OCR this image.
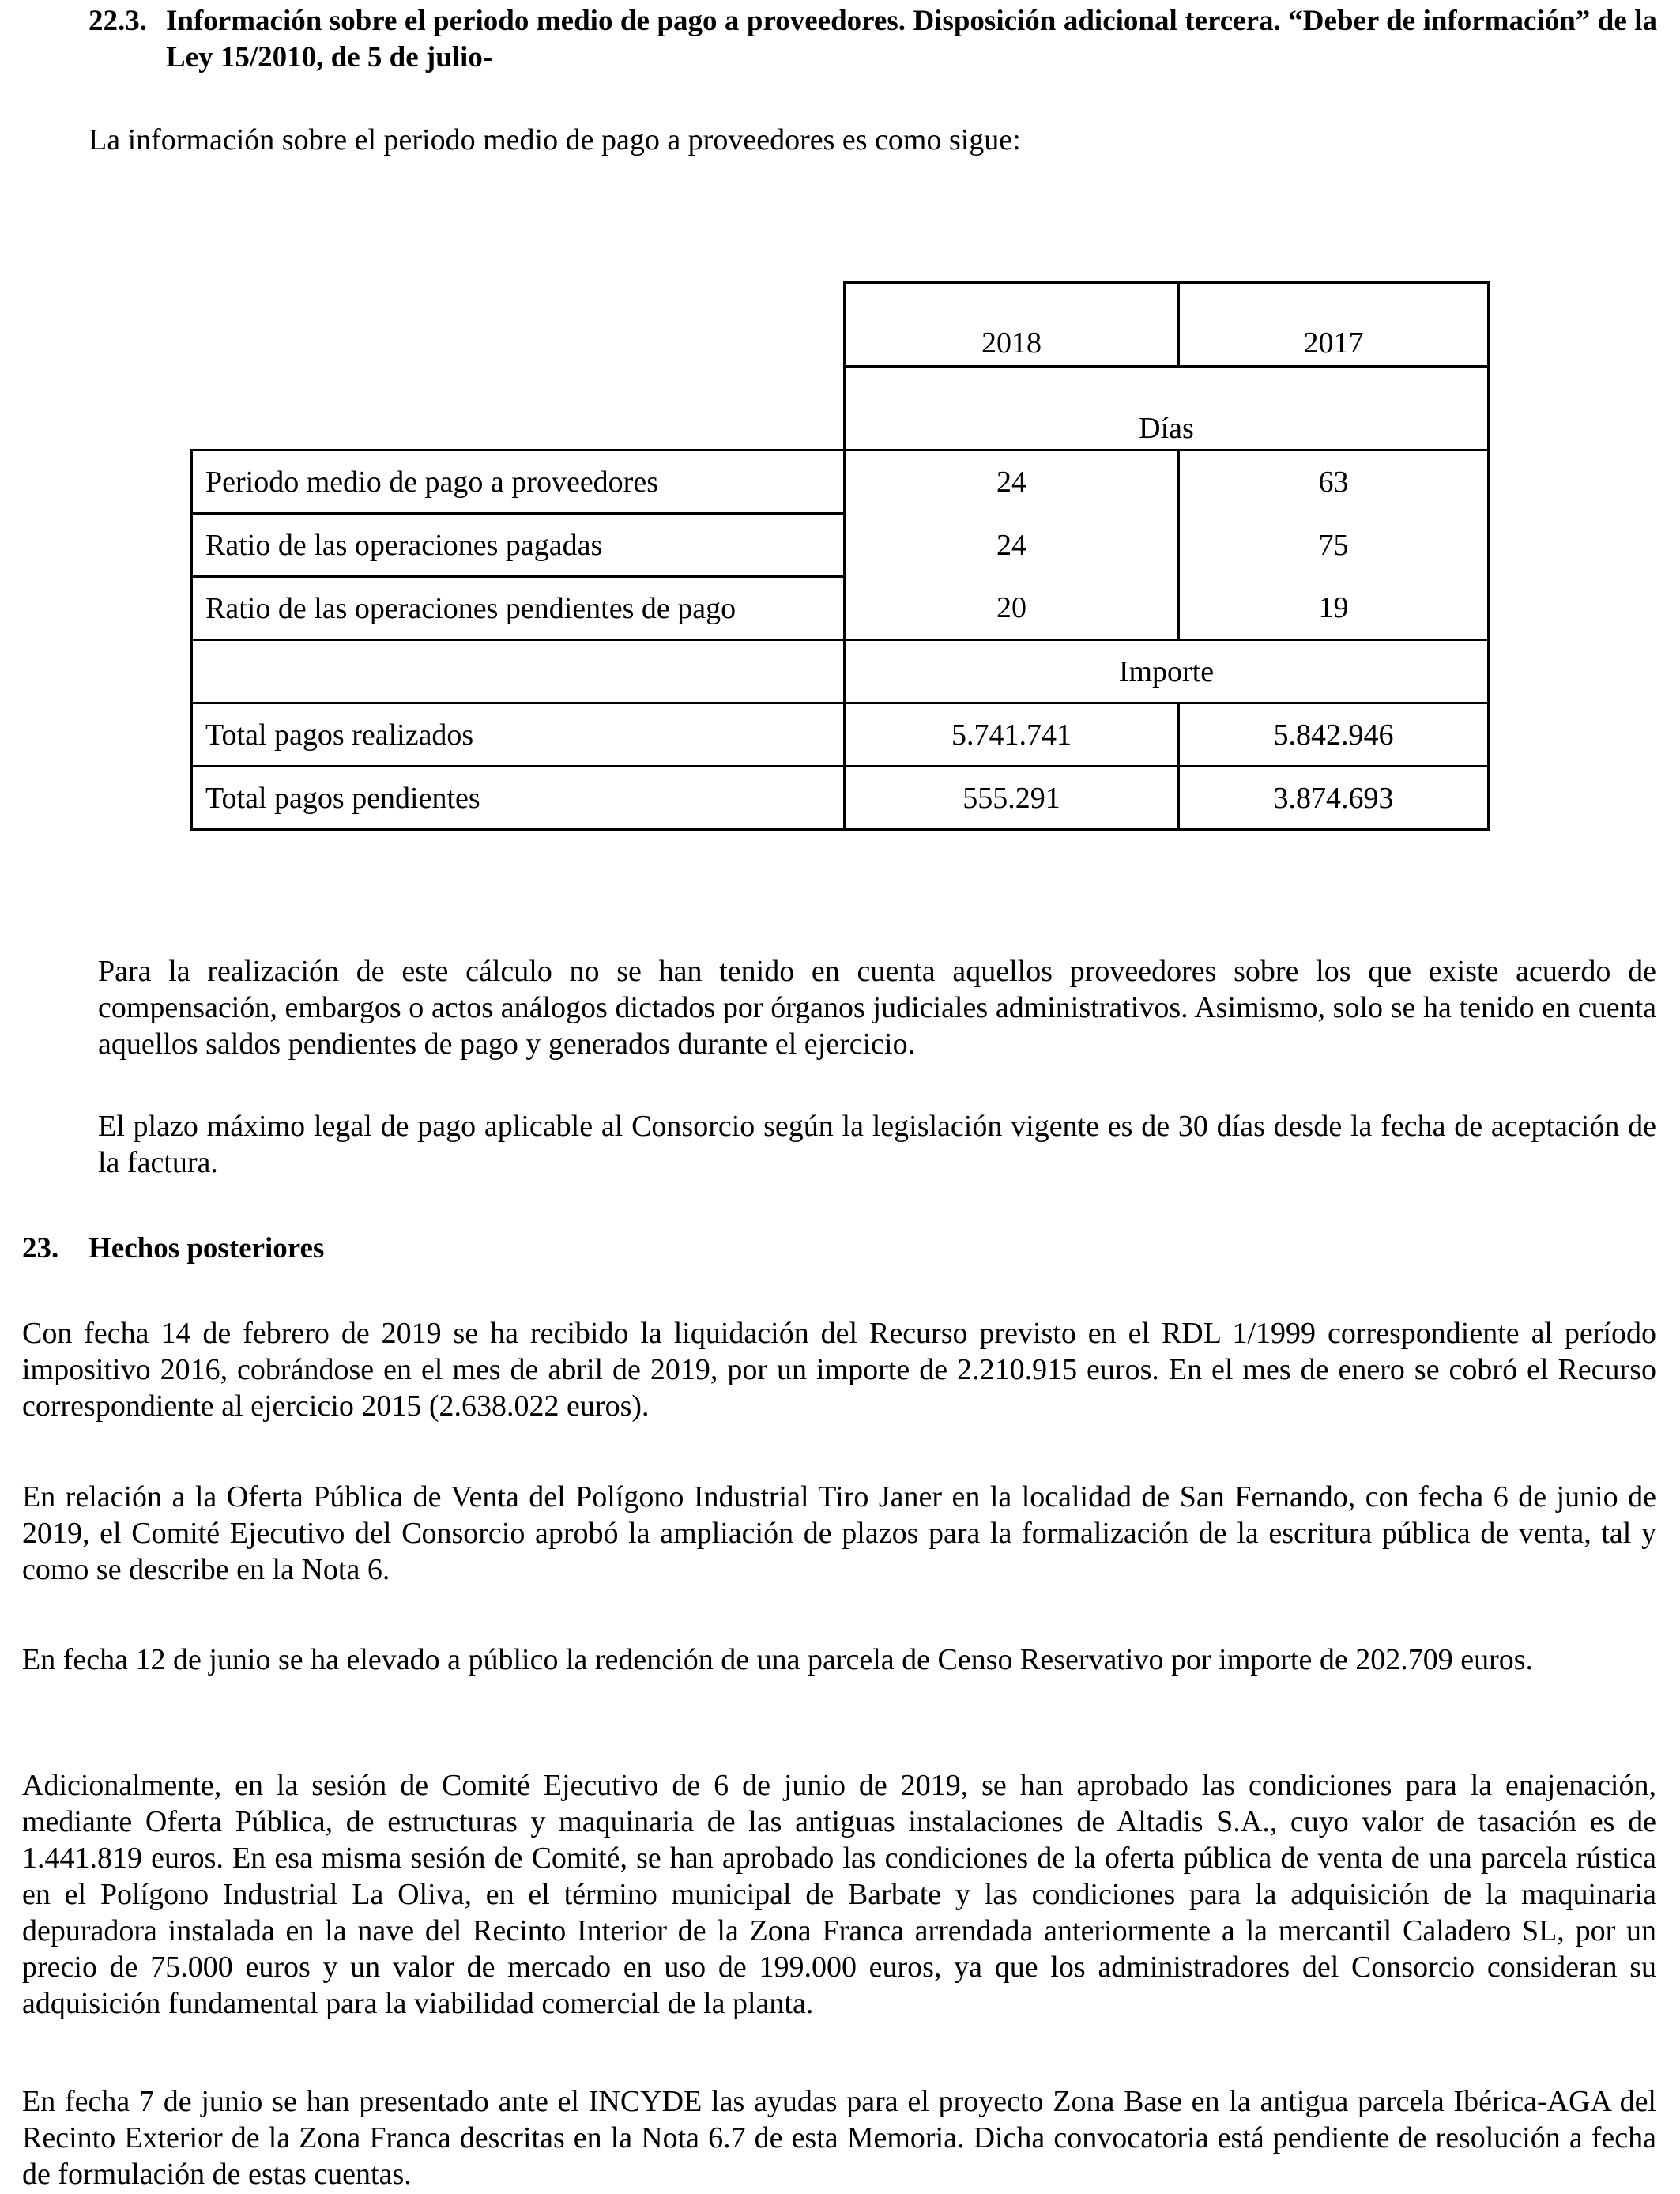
22.3. Información sobre el periodo medio de pago a proveedores. Disposición adicional tercera. “Deber de información” de la Ley 15/2010, de 5 de julio-

La información sobre el periodo medio de pago a proveedores es como sigue:

	2018	2017
	Días	
Periodo medio de pago a proveedores	24	63
Ratio de las operaciones pagadas	24	75
Ratio de las operaciones pendientes de pago	20	19
	Importe	
Total pagos realizados	5.741.741	5.842.946
Total pagos pendientes	555.291	3.874.693

Para la realización de este cálculo no se han tenido en cuenta aquellos proveedores sobre los que existe acuerdo de compensación, embargos o actos análogos dictados por órganos judiciales administrativos. Asimismo, solo se ha tenido en cuenta aquellos saldos pendientes de pago y generados durante el ejercicio.

El plazo máximo legal de pago aplicable al Consorcio según la legislación vigente es de 30 días desde la fecha de aceptación de la factura.

23. Hechos posteriores

Con fecha 14 de febrero de 2019 se ha recibido la liquidación del Recurso previsto en el RDL 1/1999 correspondiente al período impositivo 2016, cobrándose en el mes de abril de 2019, por un importe de 2.210.915 euros. En el mes de enero se cobró el Recurso correspondiente al ejercicio 2015 (2.638.022 euros).

En relación a la Oferta Pública de Venta del Polígono Industrial Tiro Janer en la localidad de San Fernando, con fecha 6 de junio de 2019, el Comité Ejecutivo del Consorcio aprobó la ampliación de plazos para la formalización de la escritura pública de venta, tal y como se describe en la Nota 6.

En fecha 12 de junio se ha elevado a público la redención de una parcela de Censo Reservativo por importe de 202.709 euros.

Adicionalmente, en la sesión de Comité Ejecutivo de 6 de junio de 2019, se han aprobado las condiciones para la enajenación, mediante Oferta Pública, de estructuras y maquinaria de las antiguas instalaciones de Altadis S.A., cuyo valor de tasación es de 1.441.819 euros. En esa misma sesión de Comité, se han aprobado las condiciones de la oferta pública de venta de una parcela rústica en el Polígono Industrial La Oliva, en el término municipal de Barbate y las condiciones para la adquisición de la maquinaria depuradora instalada en la nave del Recinto Interior de la Zona Franca arrendada anteriormente a la mercantil Caladero SL, por un precio de 75.000 euros y un valor de mercado en uso de 199.000 euros, ya que los administradores del Consorcio consideran su adquisición fundamental para la viabilidad comercial de la planta.

En fecha 7 de junio se han presentado ante el INCYDE las ayudas para el proyecto Zona Base en la antigua parcela Ibérica-AGA del Recinto Exterior de la Zona Franca descritas en la Nota 6.7 de esta Memoria. Dicha convocatoria está pendiente de resolución a fecha de formulación de estas cuentas.
